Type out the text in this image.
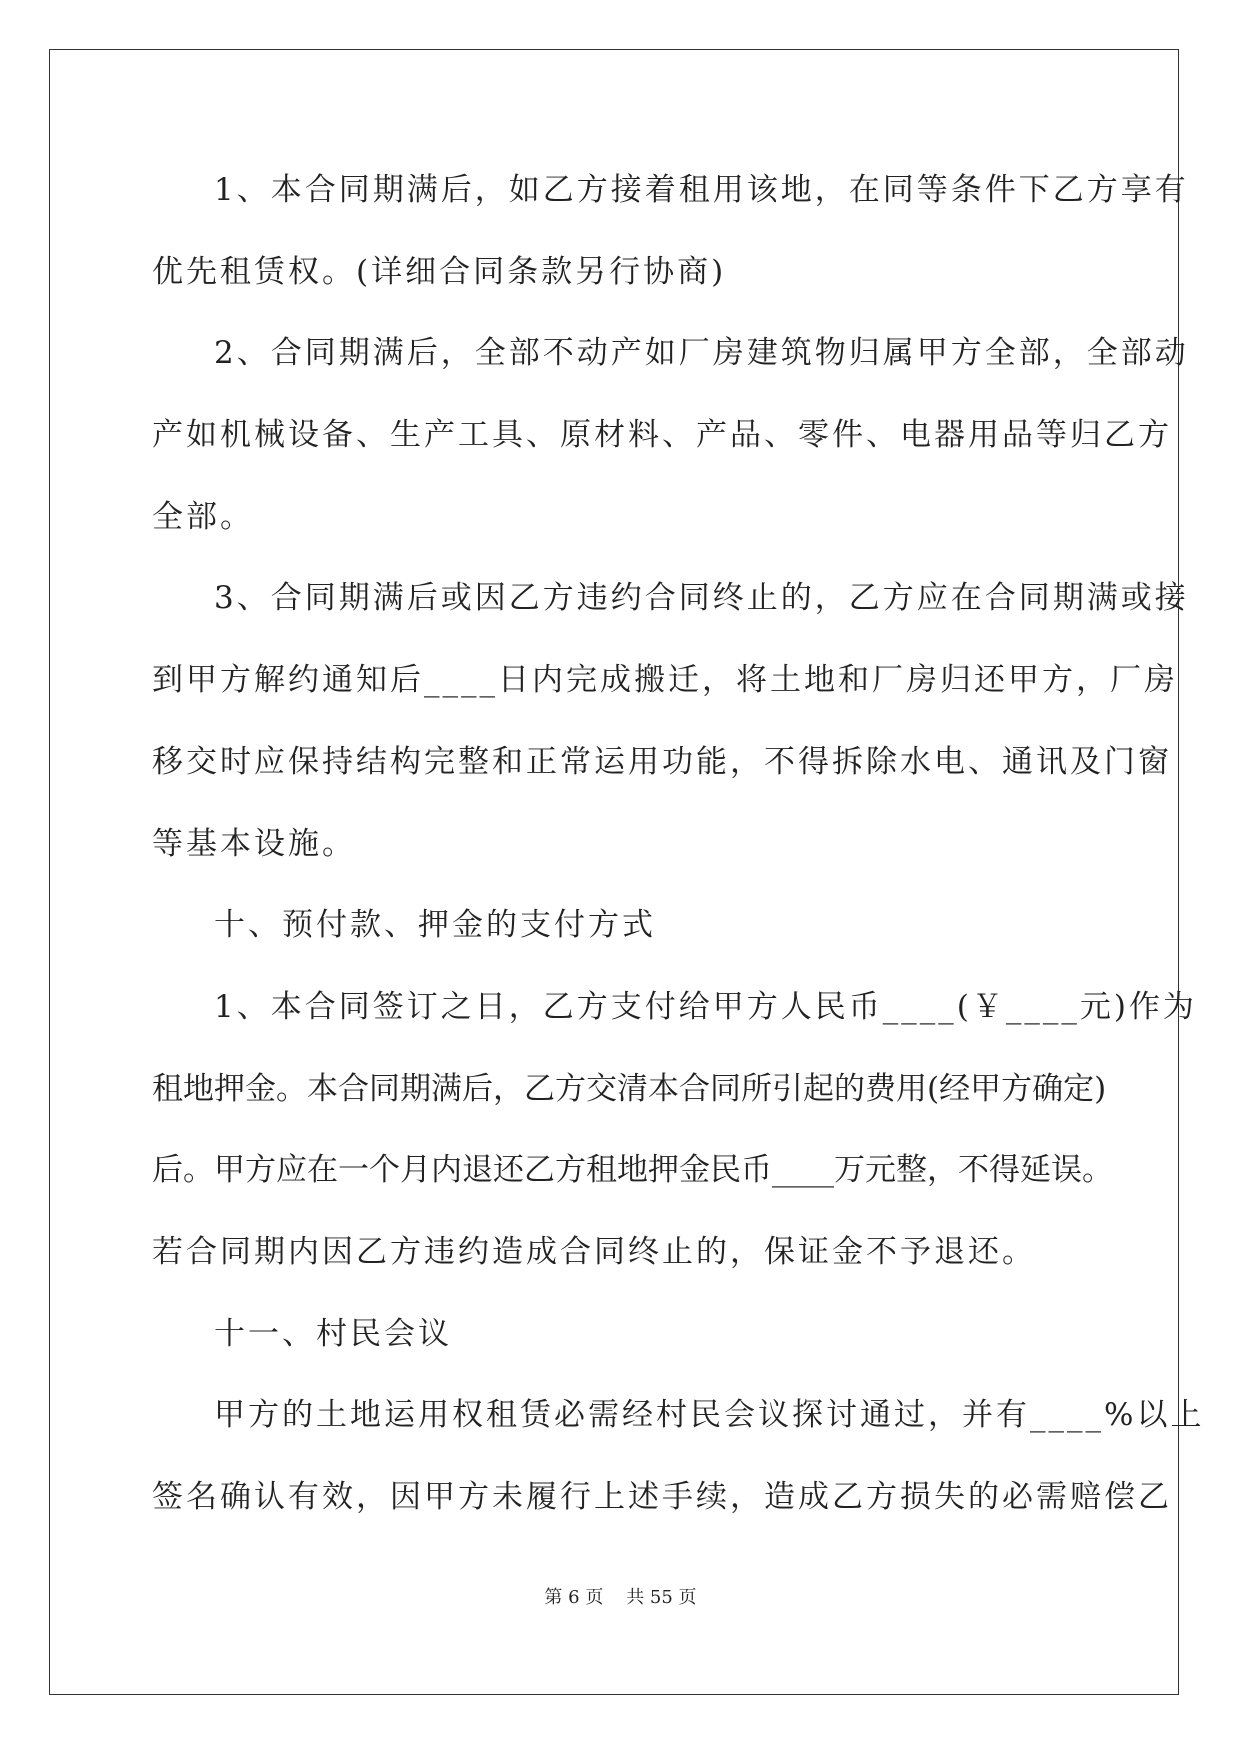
1、本合同期满后，如乙方接着租用该地，在同等条件下乙方享有
优先租赁权。(详细合同条款另行协商)
2、合同期满后，全部不动产如厂房建筑物归属甲方全部，全部动
产如机械设备、生产工具、原材料、产品、零件、电器用品等归乙方
全部。
3、合同期满后或因乙方违约合同终止的，乙方应在合同期满或接
到甲方解约通知后____日内完成搬迁，将土地和厂房归还甲方，厂房
移交时应保持结构完整和正常运用功能，不得拆除水电、通讯及门窗
等基本设施。
十、预付款、押金的支付方式
1、本合同签订之日，乙方支付给甲方人民币____(￥____元)作为
租地押金。本合同期满后，乙方交清本合同所引起的费用(经甲方确定)
后。甲方应在一个月内退还乙方租地押金民币____万元整，不得延误。
若合同期内因乙方违约造成合同终止的，保证金不予退还。
十一、村民会议
甲方的土地运用权租赁必需经村民会议探讨通过，并有____%以上
签名确认有效，因甲方未履行上述手续，造成乙方损失的必需赔偿乙
第 6 页    共 55 页
